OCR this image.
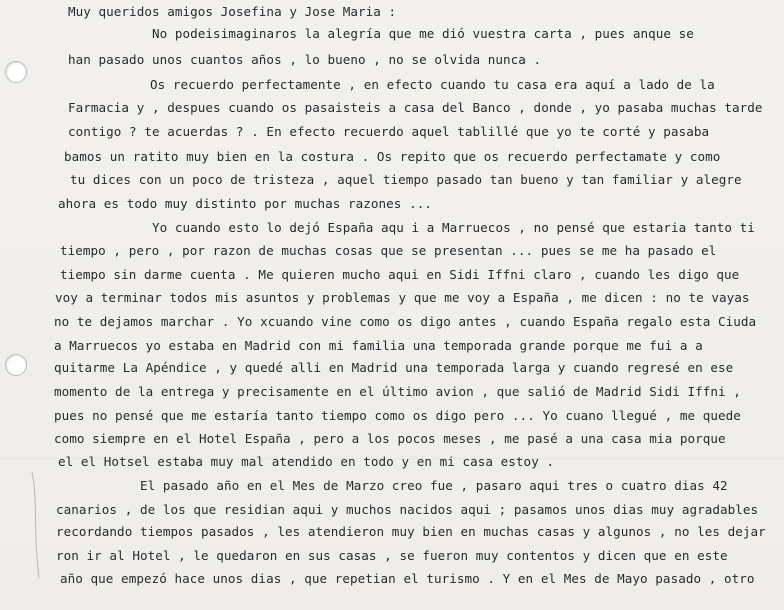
Muy queridos amigos Josefina y Jose Maria :
No podeisimaginaros la alegría que me dió vuestra carta , pues anque se
han pasado unos cuantos años , lo bueno , no se olvida nunca .
Os recuerdo perfectamente , en efecto cuando tu casa era aquí a lado de la
Farmacia y , despues cuando os pasaisteis a casa del Banco , donde , yo pasaba muchas tarde
contigo ? te acuerdas ? . En efecto recuerdo aquel tablillé que yo te corté y pasaba
bamos un ratito muy bien en la costura . Os repito que os recuerdo perfectamate y como
tu dices con un poco de tristeza , aquel tiempo pasado tan bueno y tan familiar y alegre
ahora es todo muy distinto por muchas razones ...
Yo cuando esto lo dejó España aqu i a Marruecos , no pensé que estaria tanto ti
tiempo , pero , por razon de muchas cosas que se presentan ... pues se me ha pasado el
tiempo sin darme cuenta . Me quieren mucho aqui en Sidi Iffni claro , cuando les digo que
voy a terminar todos mis asuntos y problemas y que me voy a España , me dicen : no te vayas
no te dejamos marchar . Yo xcuando vine como os digo antes , cuando España regalo esta Ciuda
a Marruecos yo estaba en Madrid con mi familia una temporada grande porque me fui a a
quitarme La Apéndice , y quedé alli en Madrid una temporada larga y cuando regresé en ese
momento de la entrega y precisamente en el último avion , que salió de Madrid Sidi Iffni ,
pues no pensé que me estaría tanto tiempo como os digo pero ... Yo cuano llegué , me quede
como siempre en el Hotel España , pero a los pocos meses , me pasé a una casa mia porque
el el Hotsel estaba muy mal atendido en todo y en mi casa estoy .
El pasado año en el Mes de Marzo creo fue , pasaro aqui tres o cuatro dias 42
canarios , de los que residian aqui y muchos nacidos aqui ; pasamos unos dias muy agradables
recordando tiempos pasados , les atendieron muy bien en muchas casas y algunos , no les dejar
ron ir al Hotel , le quedaron en sus casas , se fueron muy contentos y dicen que en este
año que empezó hace unos dias , que repetian el turismo . Y en el Mes de Mayo pasado , otro
